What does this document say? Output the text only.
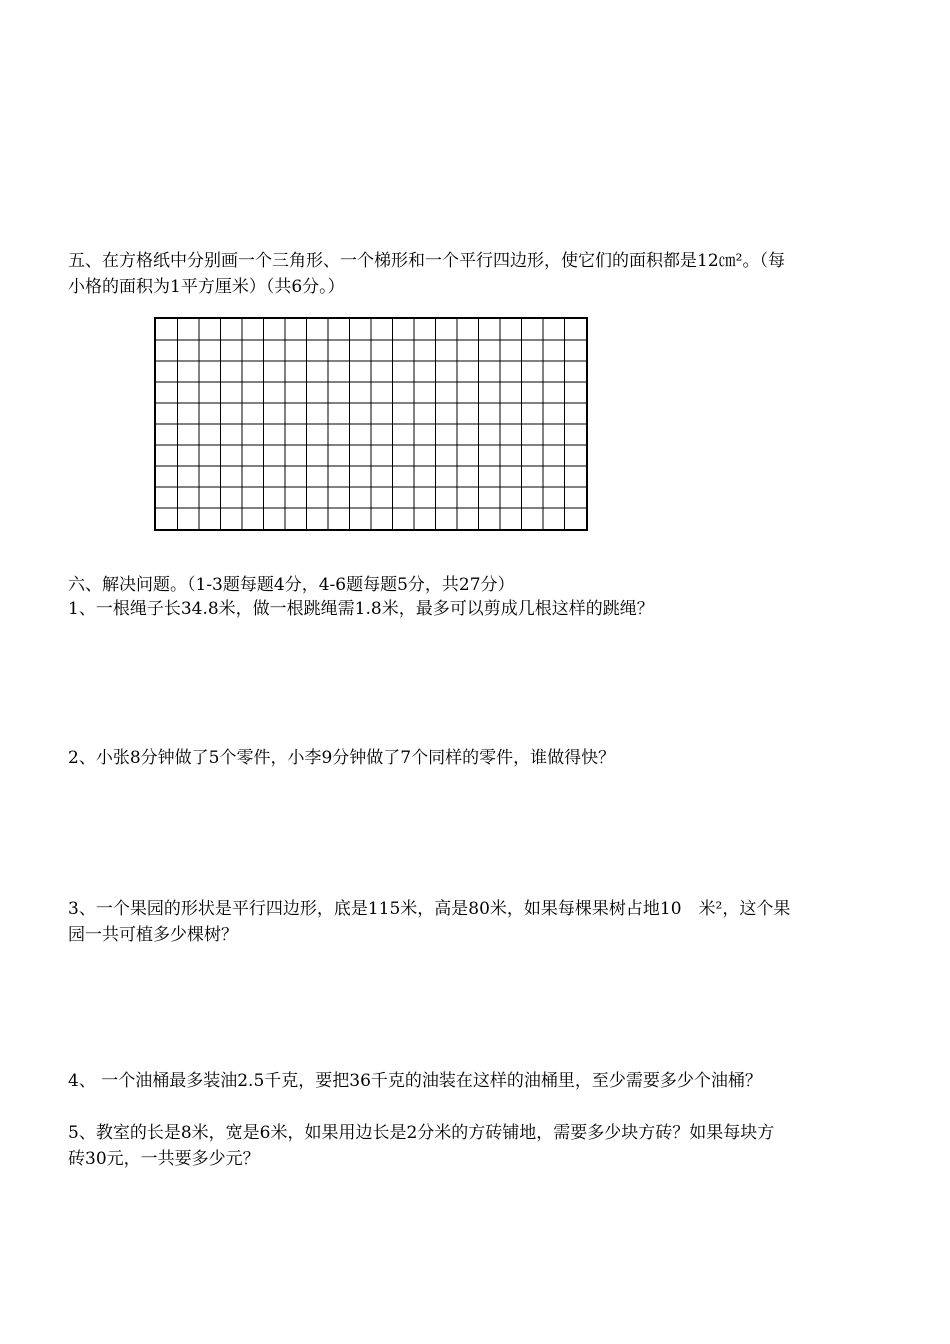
五、在方格纸中分别画一个三角形、一个梯形和一个平行四边形，使它们的面积都是12㎝²。（每
小格的面积为1平方厘米）（共6分。）
六、解决问题。（1-3题每题4分，4-6题每题5分，共27分）
1、一根绳子长34.8米，做一根跳绳需1.8米，最多可以剪成几根这样的跳绳？
2、小张8分钟做了5个零件，小李9分钟做了7个同样的零件，谁做得快？
3、一个果园的形状是平行四边形，底是115米，高是80米，如果每棵果树占地10　米²，这个果
园一共可植多少棵树？
4、 一个油桶最多装油2.5千克，要把36千克的油装在这样的油桶里，至少需要多少个油桶？
5、教室的长是8米，宽是6米，如果用边长是2分米的方砖铺地，需要多少块方砖？如果每块方
砖30元，一共要多少元？
